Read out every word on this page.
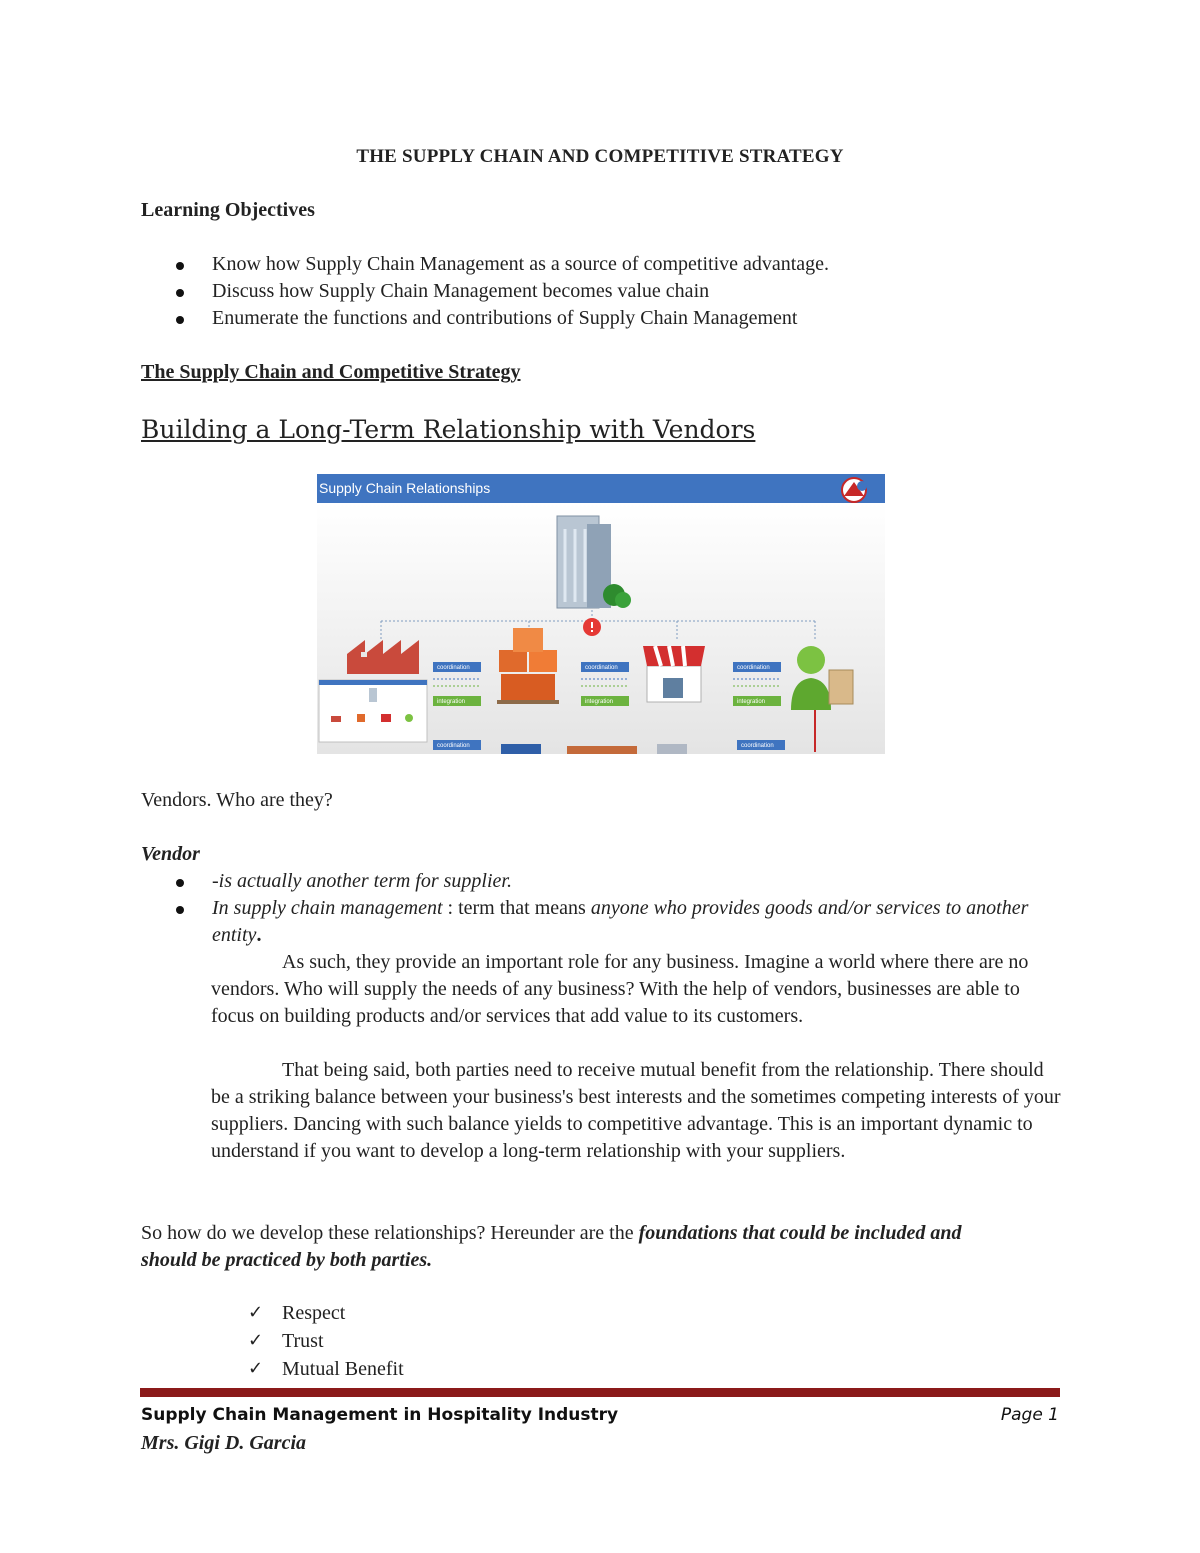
THE SUPPLY CHAIN AND COMPETITIVE STRATEGY
Learning Objectives
Know how Supply Chain Management as a source of competitive advantage.
Discuss how Supply Chain Management becomes value chain
Enumerate the functions and contributions of Supply Chain Management
The Supply Chain and Competitive Strategy
Building a Long-Term Relationship with Vendors
Supply Chain Relationships
coordination
integration
coordination
integration
coordination
integration
coordination	coordination
Vendors. Who are they?
Vendor
-is actually another term for supplier.
In supply chain management : term that means anyone who provides goods and/or services to another entity.
As such, they provide an important role for any business. Imagine a world where there are no vendors. Who will supply the needs of any business? With the help of vendors, businesses are able to focus on building products and/or services that add value to its customers.
That being said, both parties need to receive mutual benefit from the relationship. There should be a striking balance between your business's best interests and the sometimes competing interests of your suppliers. Dancing with such balance yields to competitive advantage. This is an important dynamic to understand if you want to develop a long-term relationship with your suppliers.
So how do we develop these relationships? Hereunder are the foundations that could be included and should be practiced by both parties.
✓ Respect
✓ Trust
✓ Mutual Benefit
Supply Chain Management in Hospitality Industry	Page 1
Mrs. Gigi D. Garcia
